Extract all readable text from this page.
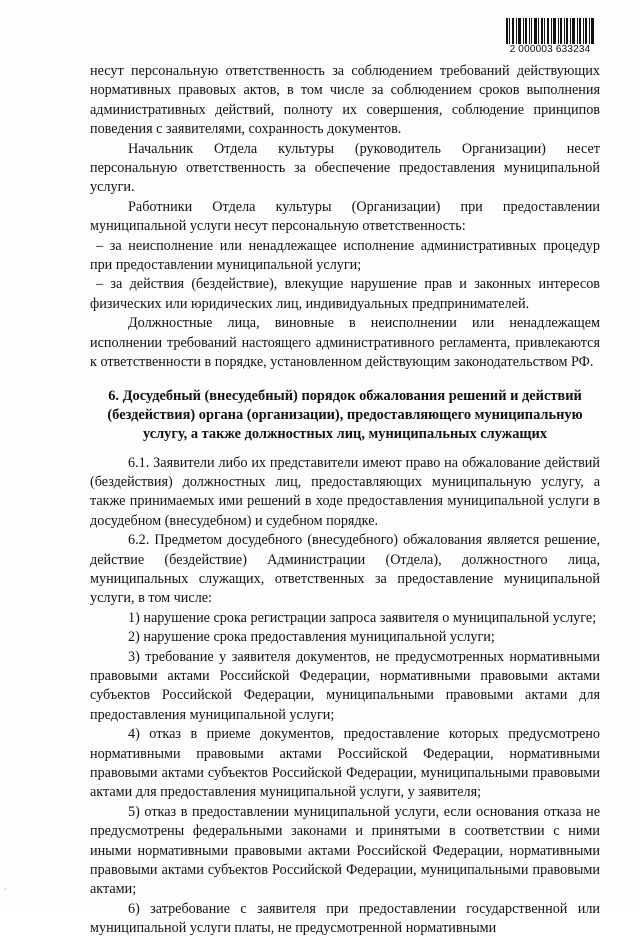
2 000003 633234

несут персональную ответственность за соблюдением требований действующих нормативных правовых актов, в том числе за соблюдением сроков выполнения административных действий, полноту их совершения, соблюдение принципов поведения с заявителями, сохранность документов.

Начальник Отдела культуры (руководитель Организации) несет персональную ответственность за обеспечение предоставления муниципальной услуги.

Работники Отдела культуры (Организации) при предоставлении муниципальной услуги несут персональную ответственность:

– за неисполнение или ненадлежащее исполнение административных процедур при предоставлении муниципальной услуги;

– за действия (бездействие), влекущие нарушение прав и законных интересов физических или юридических лиц, индивидуальных предпринимателей.

Должностные лица, виновные в неисполнении или ненадлежащем исполнении требований настоящего административного регламента, привлекаются к ответственности в порядке, установленном действующим законодательством РФ.

6. Досудебный (внесудебный) порядок обжалования решений и действий (бездействия) органа (организации), предоставляющего муниципальную услугу, а также должностных лиц, муниципальных служащих

6.1. Заявители либо их представители имеют право на обжалование действий (бездействия) должностных лиц, предоставляющих муниципальную услугу, а также принимаемых ими решений в ходе предоставления муниципальной услуги в досудебном (внесудебном) и судебном порядке.

6.2. Предметом досудебного (внесудебного) обжалования является решение, действие (бездействие) Администрации (Отдела), должностного лица, муниципальных служащих, ответственных за предоставление муниципальной услуги, в том числе:

1) нарушение срока регистрации запроса заявителя о муниципальной услуге;

2) нарушение срока предоставления муниципальной услуги;

3) требование у заявителя документов, не предусмотренных нормативными правовыми актами Российской Федерации, нормативными правовыми актами субъектов Российской Федерации, муниципальными правовыми актами для предоставления муниципальной услуги;

4) отказ в приеме документов, предоставление которых предусмотрено нормативными правовыми актами Российской Федерации, нормативными правовыми актами субъектов Российской Федерации, муниципальными правовыми актами для предоставления муниципальной услуги, у заявителя;

5) отказ в предоставлении муниципальной услуги, если основания отказа не предусмотрены федеральными законами и принятыми в соответствии с ними иными нормативными правовыми актами Российской Федерации, нормативными правовыми актами субъектов Российской Федерации, муниципальными правовыми актами;

6) затребование с заявителя при предоставлении государственной или муниципальной услуги платы, не предусмотренной нормативными

·
